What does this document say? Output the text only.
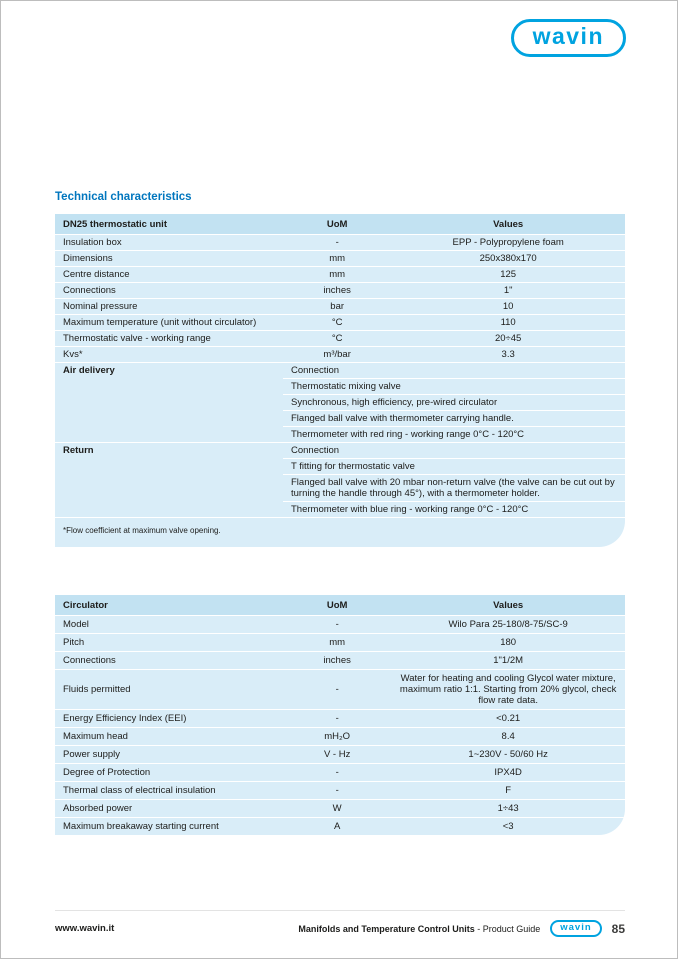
wavin
Technical characteristics
DN25 thermostatic unit	UoM	Values
Insulation box	-	EPP - Polypropylene foam
Dimensions	mm	250x380x170
Centre distance	mm	125
Connections	inches	1"
Nominal pressure	bar	10
Maximum temperature (unit without circulator)	°C	110
Thermostatic valve - working range	°C	20÷45
Kvs*	m³/bar	3.3
Air delivery	Connection	
	Thermostatic mixing valve	
	Synchronous, high efficiency, pre-wired circulator	
	Flanged ball valve with thermometer carrying handle.	
	Thermometer with red ring - working range 0°C - 120°C	
Return	Connection	
	T fitting for thermostatic valve	
	Flanged ball valve with 20 mbar non-return valve (the valve can be cut out by turning the handle through 45°), with a thermometer holder.	
	Thermometer with blue ring - working range 0°C - 120°C	
*Flow coefficient at maximum valve opening.
Circulator	UoM	Values
Model	-	Wilo Para 25-180/8-75/SC-9
Pitch	mm	180
Connections	inches	1"1/2M
Fluids permitted	-	Water for heating and cooling Glycol water mixture, maximum ratio 1:1. Starting from 20% glycol, check flow rate data.
Energy Efficiency Index (EEI)	-	<0.21
Maximum head	mH₂O	8.4
Power supply	V - Hz	1~230V - 50/60 Hz
Degree of Protection	-	IPX4D
Thermal class of electrical insulation	-	F
Absorbed power	W	1÷43
Maximum breakaway starting current	A	<3
www.wavin.it	Manifolds and Temperature Control Units - Product Guide	wavin	85
